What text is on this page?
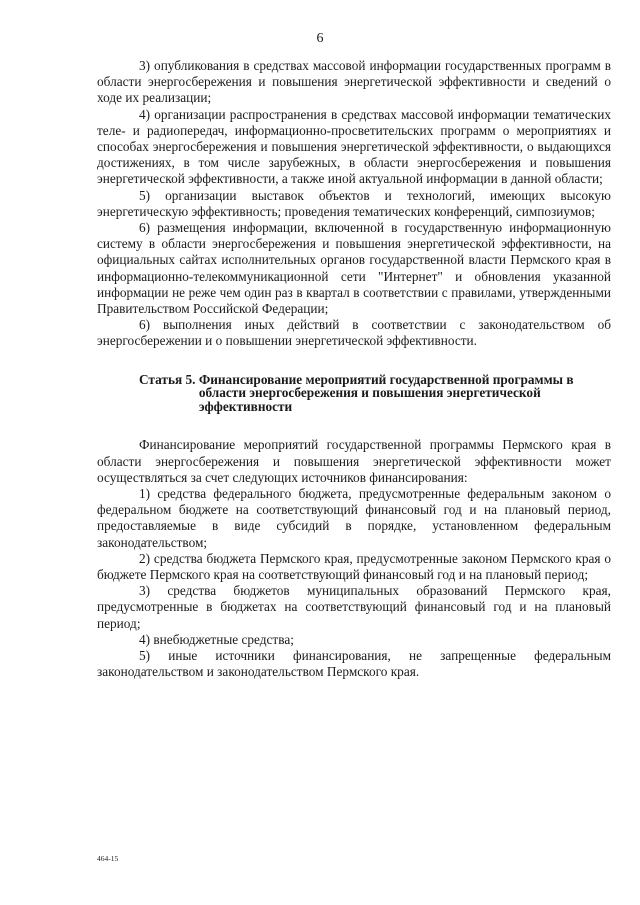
6

3) опубликования в средствах массовой информации государственных программ в области энергосбережения и повышения энергетической эффективности и сведений о ходе их реализации;

4) организации распространения в средствах массовой информации тематических теле- и радиопередач, информационно-просветительских программ о мероприятиях и способах энергосбережения и повышения энергетической эффективности, о выдающихся достижениях, в том числе зарубежных, в области энергосбережения и повышения энергетической эффективности, а также иной актуальной информации в данной области;

5) организации выставок объектов и технологий, имеющих высокую энергетическую эффективность; проведения тематических конференций, симпозиумов;

6) размещения информации, включенной в государственную информационную систему в области энергосбережения и повышения энергетической эффективности, на официальных сайтах исполнительных органов государственной власти Пермского края в информационно-телекоммуникационной сети "Интернет" и обновления указанной информации не реже чем один раз в квартал в соответствии с правилами, утвержденными Правительством Российской Федерации;

6) выполнения иных действий в соответствии с законодательством об энергосбережении и о повышении энергетической эффективности.

Статья 5. Финансирование мероприятий государственной программы в области энергосбережения и повышения энергетической эффективности

Финансирование мероприятий государственной программы Пермского края в области энергосбережения и повышения энергетической эффективности может осуществляться за счет следующих источников финансирования:

1) средства федерального бюджета, предусмотренные федеральным законом о федеральном бюджете на соответствующий финансовый год и на плановый период, предоставляемые в виде субсидий в порядке, установленном федеральным законодательством;

2) средства бюджета Пермского края, предусмотренные законом Пермского края о бюджете Пермского края на соответствующий финансовый год и на плановый период;

3) средства бюджетов муниципальных образований Пермского края, предусмотренные в бюджетах на соответствующий финансовый год и на плановый период;

4) внебюджетные средства;

5) иные источники финансирования, не запрещенные федеральным законодательством и законодательством Пермского края.

464-15
